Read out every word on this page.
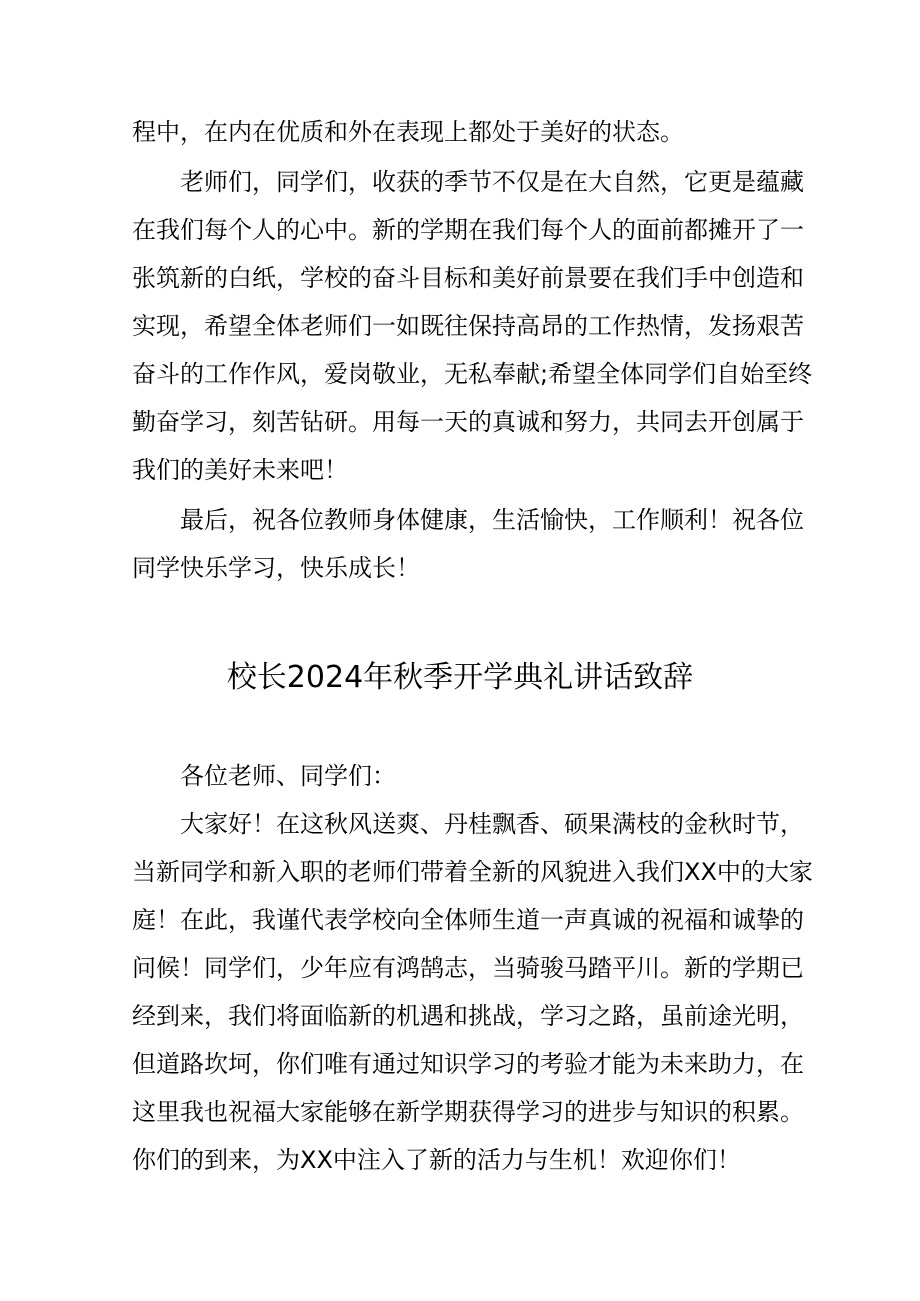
程中，在内在优质和外在表现上都处于美好的状态。
老师们，同学们，收获的季节不仅是在大自然，它更是蕴藏
在我们每个人的心中。新的学期在我们每个人的面前都摊开了一
张筑新的白纸，学校的奋斗目标和美好前景要在我们手中创造和
实现，希望全体老师们一如既往保持高昂的工作热情，发扬艰苦
奋斗的工作作风，爱岗敬业，无私奉献;希望全体同学们自始至终
勤奋学习，刻苦钻研。用每一天的真诚和努力，共同去开创属于
我们的美好未来吧！
最后，祝各位教师身体健康，生活愉快，工作顺利！祝各位
同学快乐学习，快乐成长！
校长2024年秋季开学典礼讲话致辞
各位老师、同学们：
大家好！在这秋风送爽、丹桂飘香、硕果满枝的金秋时节，
当新同学和新入职的老师们带着全新的风貌进入我们XX中的大家
庭！在此，我谨代表学校向全体师生道一声真诚的祝福和诚挚的
问候！同学们，少年应有鸿鹄志，当骑骏马踏平川。新的学期已
经到来，我们将面临新的机遇和挑战，学习之路，虽前途光明，
但道路坎坷，你们唯有通过知识学习的考验才能为未来助力，在
这里我也祝福大家能够在新学期获得学习的进步与知识的积累。
你们的到来，为XX中注入了新的活力与生机！欢迎你们！
